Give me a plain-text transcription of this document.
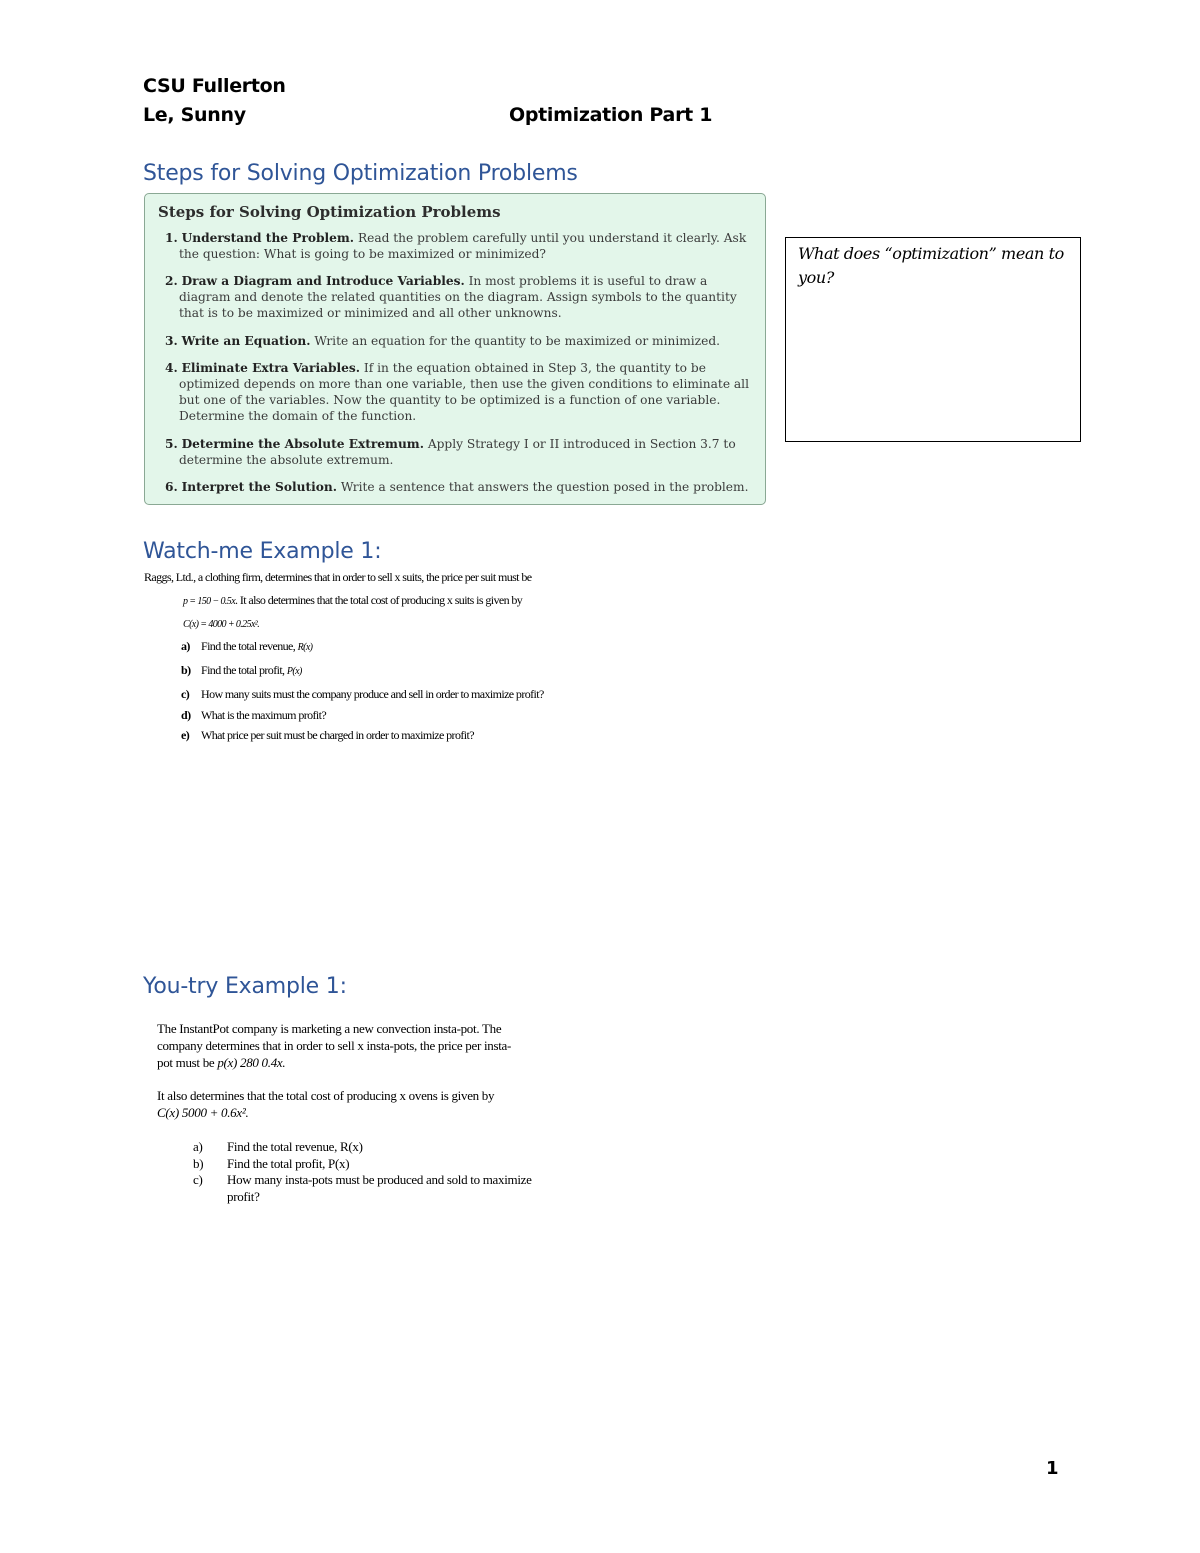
CSU Fullerton
Le, Sunny	Optimization Part 1
Steps for Solving Optimization Problems
Steps for Solving Optimization Problems
1. Understand the Problem. Read the problem carefully until you understand it clearly. Ask
the question: What is going to be maximized or minimized?
2. Draw a Diagram and Introduce Variables. In most problems it is useful to draw a
diagram and denote the related quantities on the diagram. Assign symbols to the quantity
that is to be maximized or minimized and all other unknowns.
3. Write an Equation. Write an equation for the quantity to be maximized or minimized.
4. Eliminate Extra Variables. If in the equation obtained in Step 3, the quantity to be
optimized depends on more than one variable, then use the given conditions to eliminate all
but one of the variables. Now the quantity to be optimized is a function of one variable.
Determine the domain of the function.
5. Determine the Absolute Extremum. Apply Strategy I or II introduced in Section 3.7 to
determine the absolute extremum.
6. Interpret the Solution. Write a sentence that answers the question posed in the problem.
What does “optimization” mean to you?
Watch-me Example 1:
Raggs, Ltd., a clothing firm, determines that in order to sell x suits, the price per suit must be
p = 150 − 0.5x. It also determines that the total cost of producing x suits is given by
C(x) = 4000 + 0.25x².
a) Find the total revenue, R(x)
b) Find the total profit, P(x)
c) How many suits must the company produce and sell in order to maximize profit?
d) What is the maximum profit?
e) What price per suit must be charged in order to maximize profit?
You-try Example 1:
The InstantPot company is marketing a new convection insta-pot. The
company determines that in order to sell x insta-pots, the price per insta-
pot must be p(x) 280 0.4x.
It also determines that the total cost of producing x ovens is given by
C(x) 5000 + 0.6x².
a) Find the total revenue, R(x)
b) Find the total profit, P(x)
c) How many insta-pots must be produced and sold to maximize
profit?
1
